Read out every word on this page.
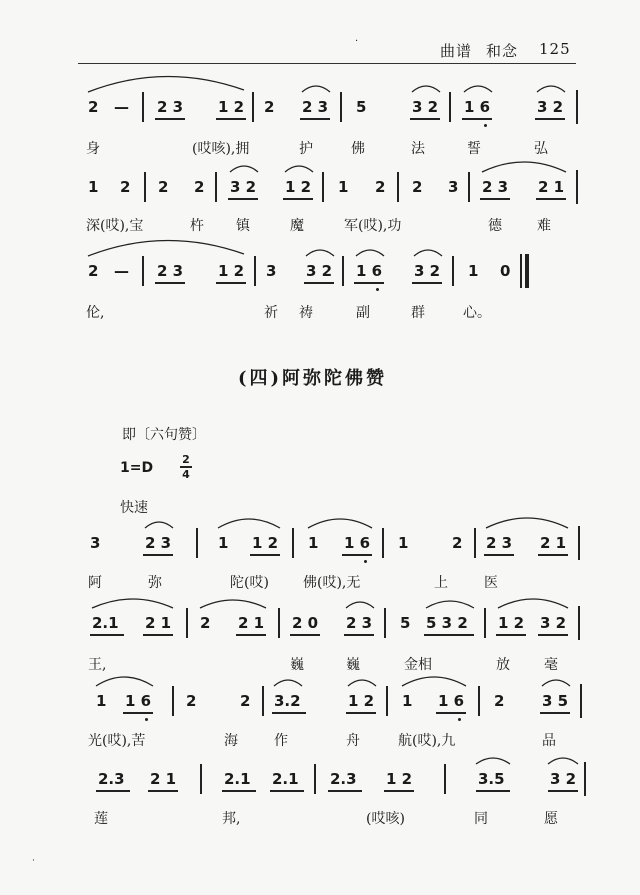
·
曲谱 和念 125
2 — 2 3 1 2 2 2 3 5	3 2 1 6	3 2
身	(哎咳),拥	护	佛	法	誓	弘
1 2 2 2 3 2 1 2 1 2 2 3 2 3 2 1
深(哎),宝	杵 镇	魔	军(哎),功	德	难
2 — 2 3 1 2 3 3 2 1 6 3 2 1 0
伦,	祈 祷	副	群	心。
(四)阿弥陀佛赞
即〔六句赞〕
1=D
2
4
快速
3	2 3	1 1 2 1 1 6 1	2 2 3 2 1
阿	弥	陀(哎) 佛(哎),无	上	医
2.1 2 1 2 2 1 2 0 2 3 5 5 3 2 1 2 3 2
王,	巍	巍	金相	放 毫
1 1 6 2	2 3.2	1 2 1 1 6 2	3 5
光(哎),苦	海	作	舟	航(哎),九	品
2.3 2 1	2.1 2.1 2.3 1 2	3.5	3 2
莲	邦,	(哎咳)	同	愿
·
